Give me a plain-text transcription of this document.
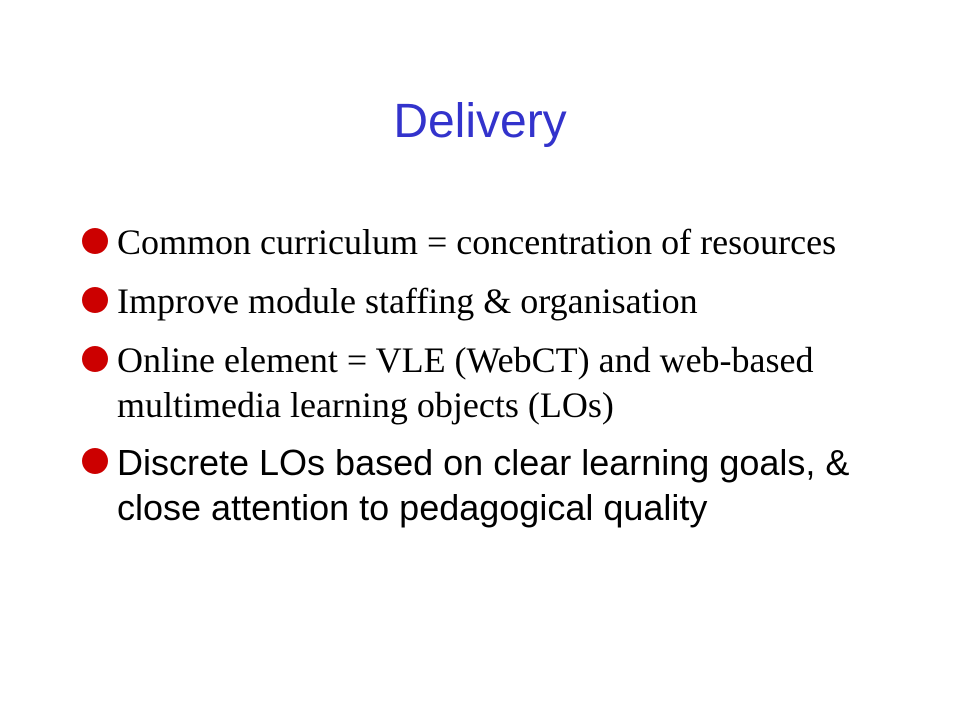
Delivery
Common curriculum = concentration of resources
Improve module staffing & organisation
Online element = VLE (WebCT) and web-based multimedia learning objects (LOs)
Discrete LOs based on clear learning goals, & close attention to pedagogical quality
